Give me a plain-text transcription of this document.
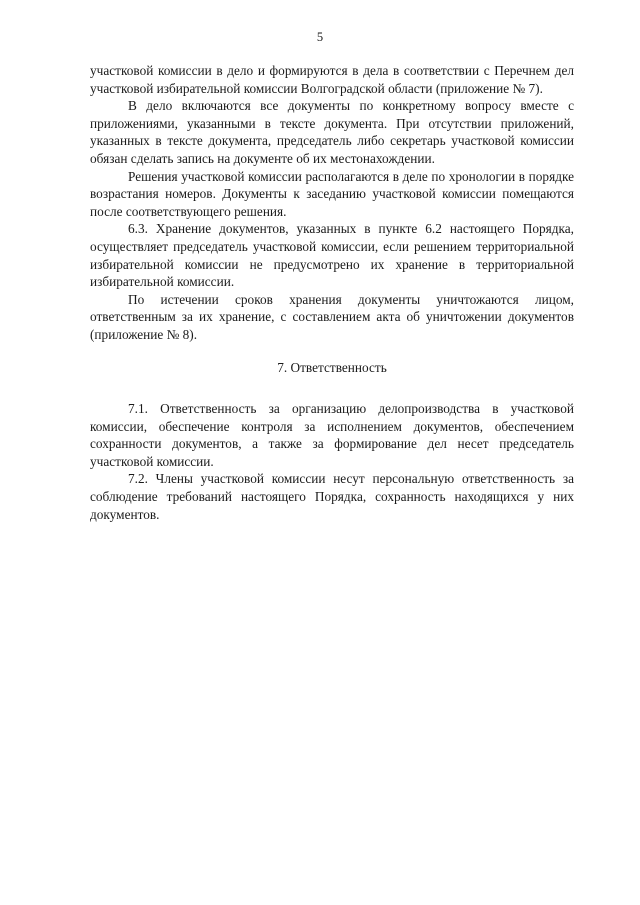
5

участковой комиссии в дело и формируются в дела в соответствии с Перечнем дел участковой избирательной комиссии Волгоградской области (приложение № 7).

В дело включаются все документы по конкретному вопросу вместе с приложениями, указанными в тексте документа. При отсутствии приложений, указанных в тексте документа, председатель либо секретарь участковой комиссии обязан сделать запись на документе об их местонахождении.

Решения участковой комиссии располагаются в деле по хронологии в порядке возрастания номеров. Документы к заседанию участковой комиссии помещаются после соответствующего решения.

6.3. Хранение документов, указанных в пункте 6.2 настоящего Порядка, осуществляет председатель участковой комиссии, если решением территориальной избирательной комиссии не предусмотрено их хранение в территориальной избирательной комиссии.

По истечении сроков хранения документы уничтожаются лицом, ответственным за их хранение, с составлением акта об уничтожении документов (приложение № 8).

7. Ответственность

7.1. Ответственность за организацию делопроизводства в участковой комиссии, обеспечение контроля за исполнением документов, обеспечением сохранности документов, а также за формирование дел несет председатель участковой комиссии.

7.2. Члены участковой комиссии несут персональную ответственность за соблюдение требований настоящего Порядка, сохранность находящихся у них документов.
